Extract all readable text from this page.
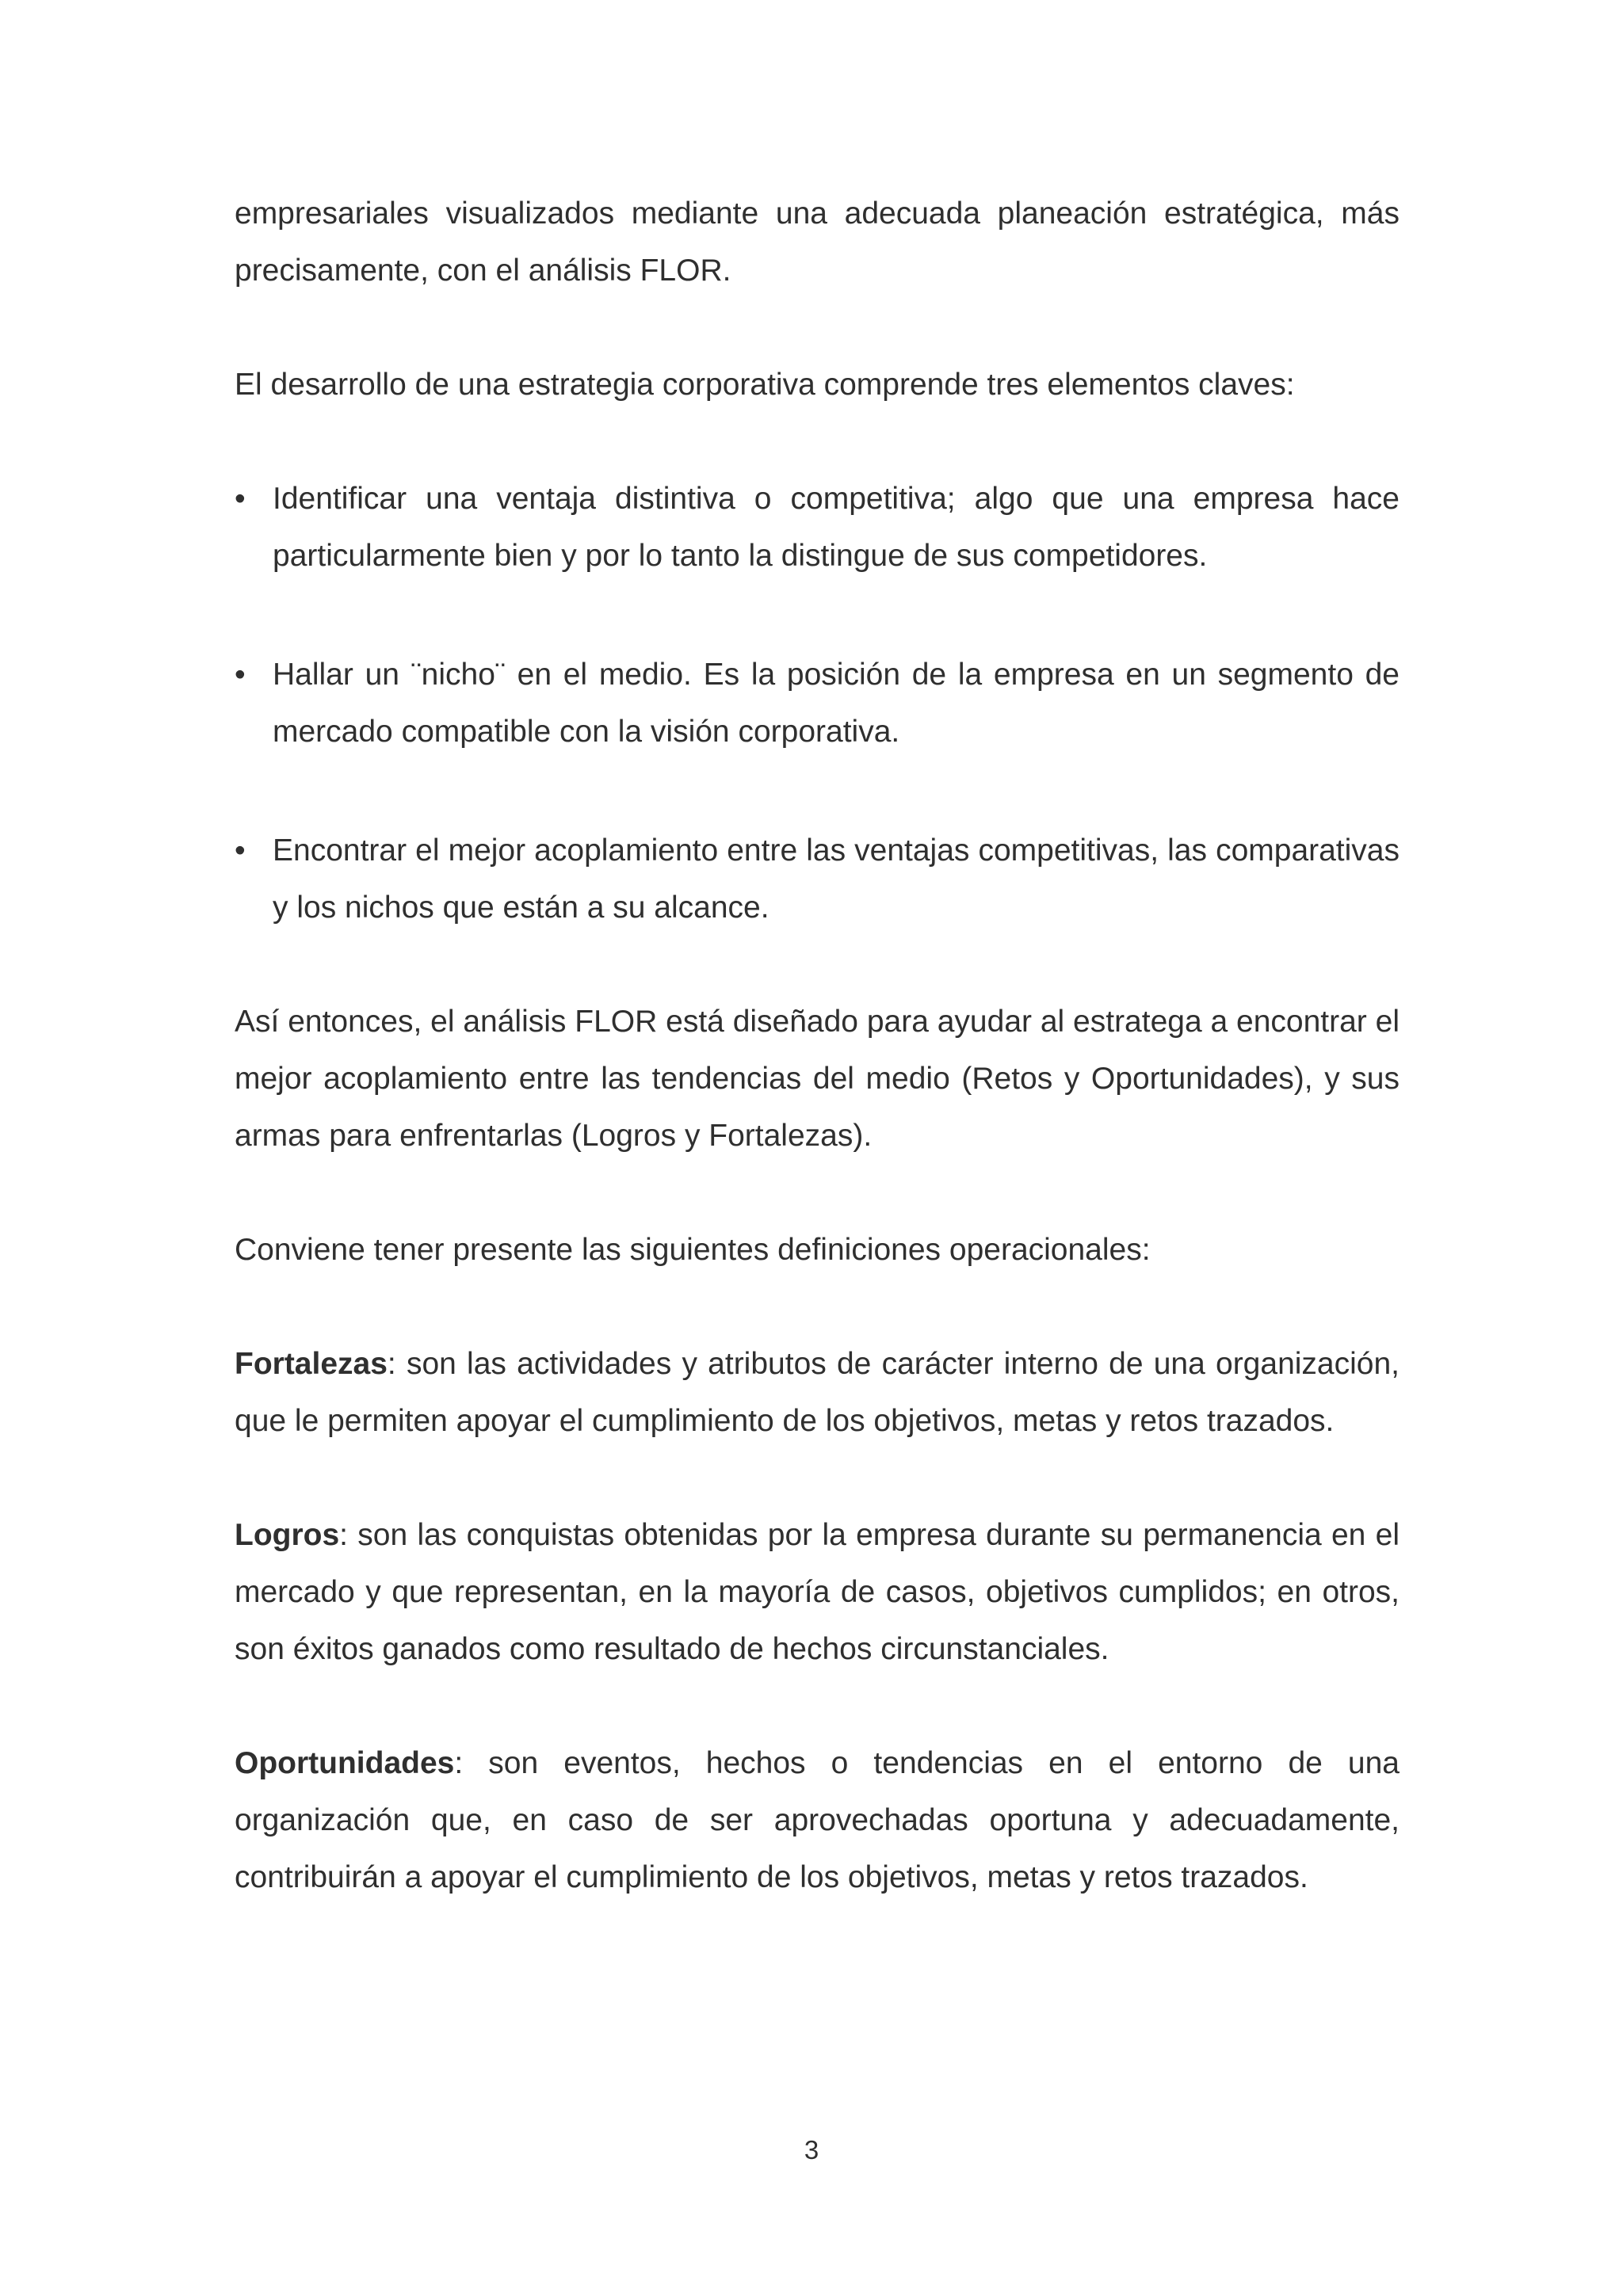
empresariales visualizados mediante una adecuada planeación estratégica, más precisamente, con el análisis FLOR.

El desarrollo de una estrategia corporativa comprende tres elementos claves:

• Identificar una ventaja distintiva o competitiva; algo que una empresa hace particularmente bien y por lo tanto la distingue de sus competidores.
• Hallar un ¨nicho¨ en el medio. Es la posición de la empresa en un segmento de mercado compatible con la visión corporativa.
• Encontrar el mejor acoplamiento entre las ventajas competitivas, las comparativas y los nichos que están a su alcance.

Así entonces, el análisis FLOR está diseñado para ayudar al estratega a encontrar el mejor acoplamiento entre las tendencias del medio (Retos y Oportunidades), y sus armas para enfrentarlas (Logros y Fortalezas).

Conviene tener presente las siguientes definiciones operacionales:

Fortalezas: son las actividades y atributos de carácter interno de una organización, que le permiten apoyar el cumplimiento de los objetivos, metas y retos trazados.

Logros: son las conquistas obtenidas por la empresa durante su permanencia en el mercado y que representan, en la mayoría de casos, objetivos cumplidos; en otros, son éxitos ganados como resultado de hechos circunstanciales.

Oportunidades: son eventos, hechos o tendencias en el entorno de una organización que, en caso de ser aprovechadas oportuna y adecuadamente, contribuirán a apoyar el cumplimiento de los objetivos, metas y retos trazados.

3
